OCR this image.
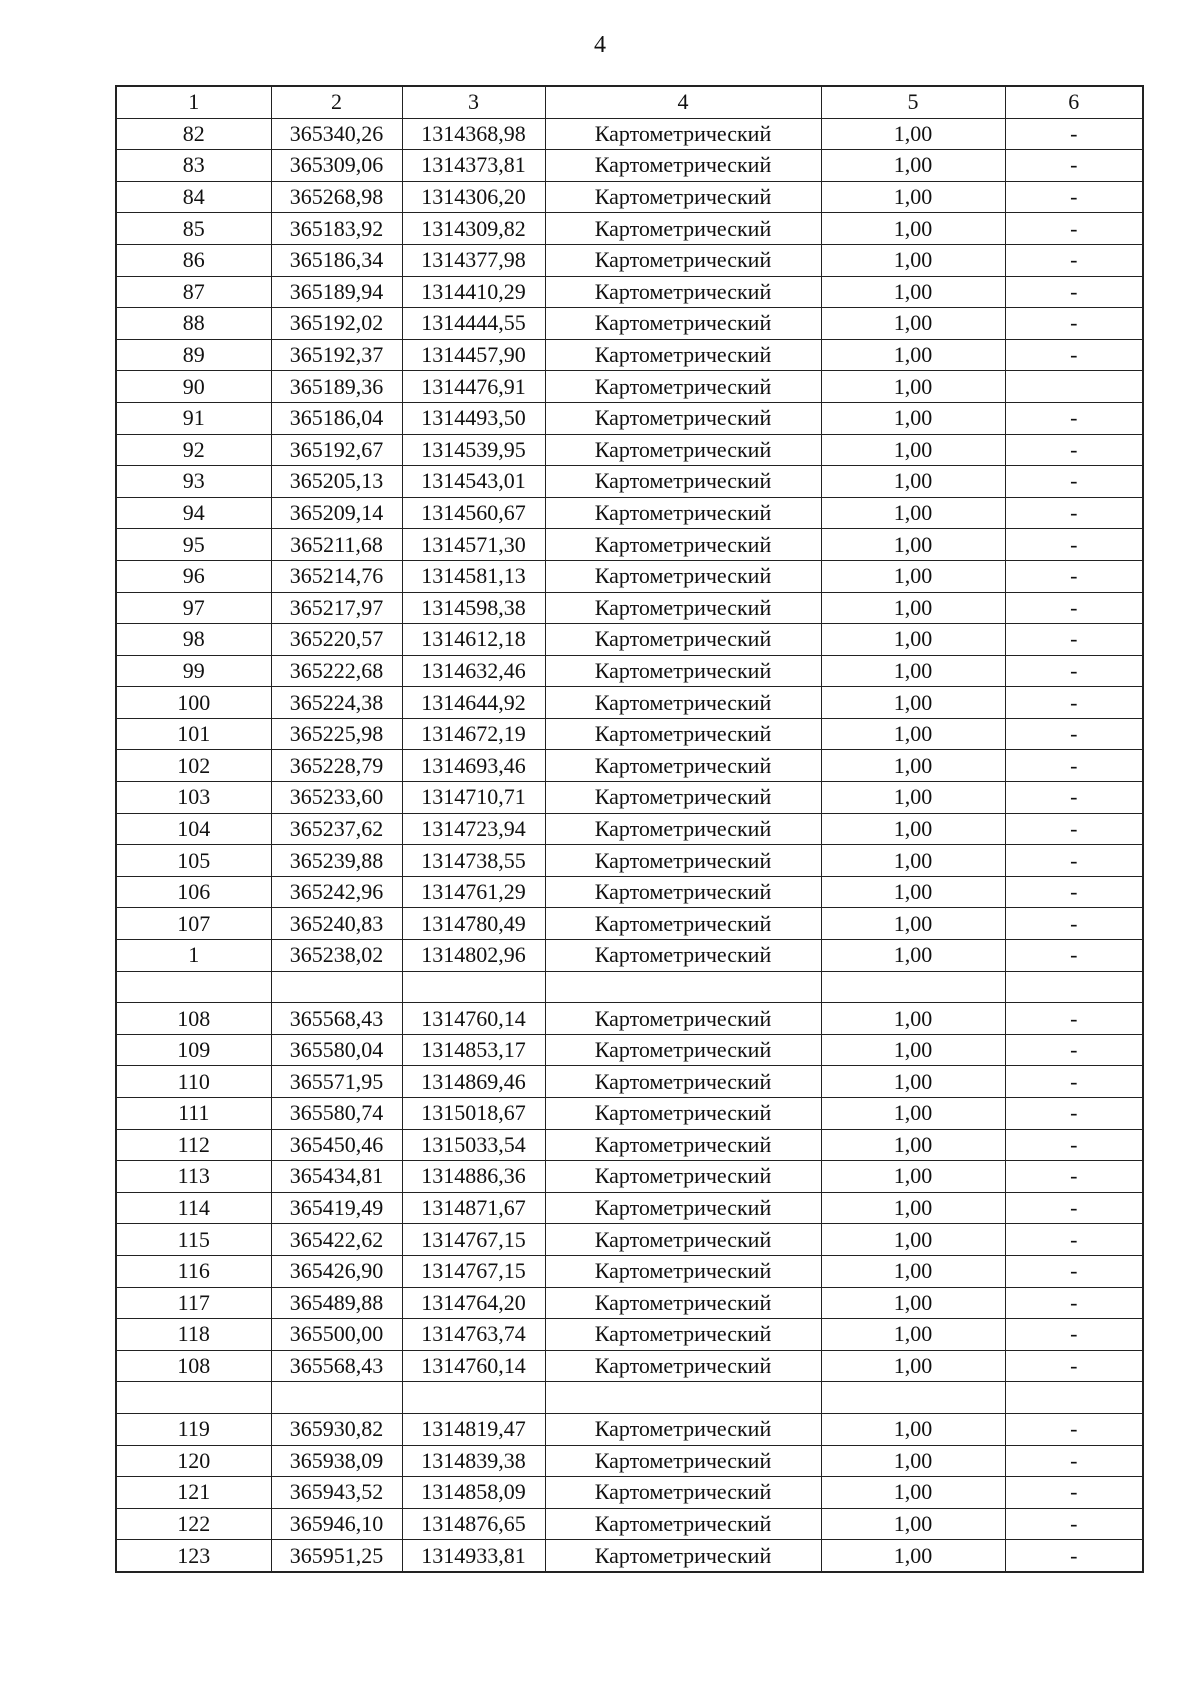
4
1	2	3	4	5	6
82	365340,26	1314368,98	Картометрический	1,00	-
83	365309,06	1314373,81	Картометрический	1,00	-
84	365268,98	1314306,20	Картометрический	1,00	-
85	365183,92	1314309,82	Картометрический	1,00	-
86	365186,34	1314377,98	Картометрический	1,00	-
87	365189,94	1314410,29	Картометрический	1,00	-
88	365192,02	1314444,55	Картометрический	1,00	-
89	365192,37	1314457,90	Картометрический	1,00	-
90	365189,36	1314476,91	Картометрический	1,00	
91	365186,04	1314493,50	Картометрический	1,00	-
92	365192,67	1314539,95	Картометрический	1,00	-
93	365205,13	1314543,01	Картометрический	1,00	-
94	365209,14	1314560,67	Картометрический	1,00	-
95	365211,68	1314571,30	Картометрический	1,00	-
96	365214,76	1314581,13	Картометрический	1,00	-
97	365217,97	1314598,38	Картометрический	1,00	-
98	365220,57	1314612,18	Картометрический	1,00	-
99	365222,68	1314632,46	Картометрический	1,00	-
100	365224,38	1314644,92	Картометрический	1,00	-
101	365225,98	1314672,19	Картометрический	1,00	-
102	365228,79	1314693,46	Картометрический	1,00	-
103	365233,60	1314710,71	Картометрический	1,00	-
104	365237,62	1314723,94	Картометрический	1,00	-
105	365239,88	1314738,55	Картометрический	1,00	-
106	365242,96	1314761,29	Картометрический	1,00	-
107	365240,83	1314780,49	Картометрический	1,00	-
1	365238,02	1314802,96	Картометрический	1,00	-

108	365568,43	1314760,14	Картометрический	1,00	-
109	365580,04	1314853,17	Картометрический	1,00	-
110	365571,95	1314869,46	Картометрический	1,00	-
111	365580,74	1315018,67	Картометрический	1,00	-
112	365450,46	1315033,54	Картометрический	1,00	-
113	365434,81	1314886,36	Картометрический	1,00	-
114	365419,49	1314871,67	Картометрический	1,00	-
115	365422,62	1314767,15	Картометрический	1,00	-
116	365426,90	1314767,15	Картометрический	1,00	-
117	365489,88	1314764,20	Картометрический	1,00	-
118	365500,00	1314763,74	Картометрический	1,00	-
108	365568,43	1314760,14	Картометрический	1,00	-

119	365930,82	1314819,47	Картометрический	1,00	-
120	365938,09	1314839,38	Картометрический	1,00	-
121	365943,52	1314858,09	Картометрический	1,00	-
122	365946,10	1314876,65	Картометрический	1,00	-
123	365951,25	1314933,81	Картометрический	1,00	-
